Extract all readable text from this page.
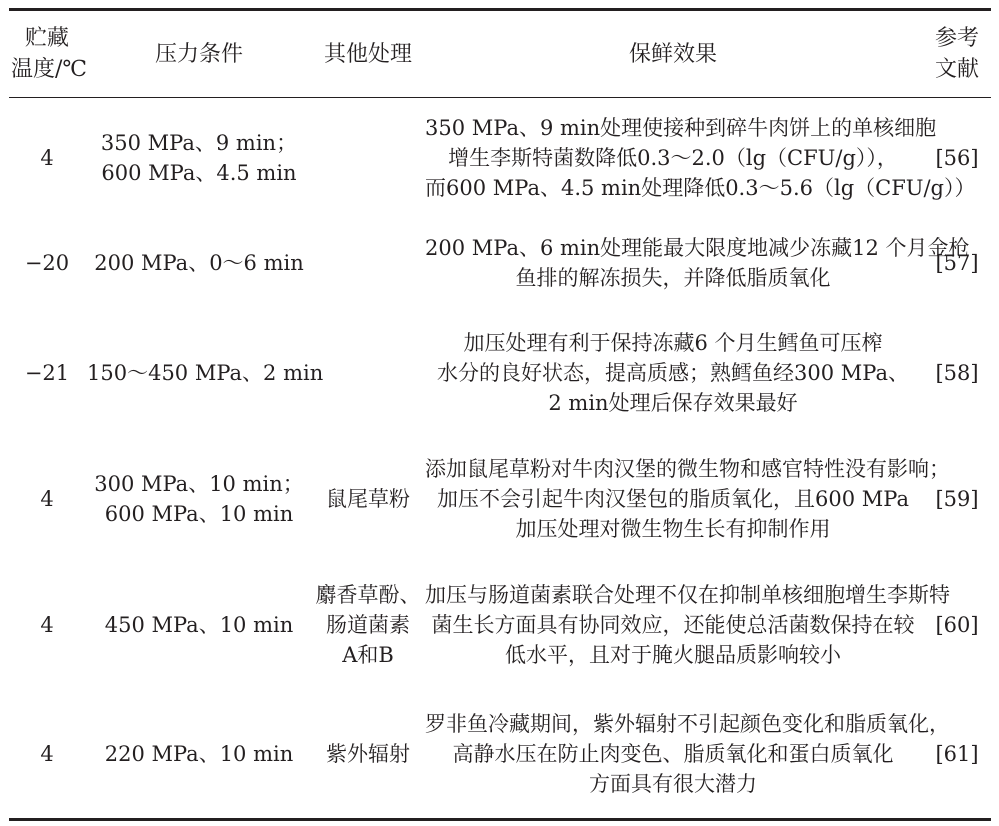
贮藏
温度/℃	压力条件	其他处理	保鲜效果	参考
文献

4	350 MPa、9 min；
600 MPa、4.5 min		350 MPa、9 min处理使接种到碎牛肉饼上的单核细胞
增生李斯特菌数降低0.3～2.0（lg（CFU/g）），
而600 MPa、4.5 min处理降低0.3～5.6（lg（CFU/g））	[56]
−20	200 MPa、0～6 min		200 MPa、6 min处理能最大限度地减少冻藏12 个月金枪
鱼排的解冻损失，并降低脂质氧化	[57]
−21	150～450 MPa、2 min		加压处理有利于保持冻藏6 个月生鳕鱼可压榨
水分的良好状态，提高质感；熟鳕鱼经300 MPa、
2 min处理后保存效果最好	[58]
4	300 MPa、10 min；
600 MPa、10 min	鼠尾草粉	添加鼠尾草粉对牛肉汉堡的微生物和感官特性没有影响；
加压不会引起牛肉汉堡包的脂质氧化，且600 MPa
加压处理对微生物生长有抑制作用	[59]
4	450 MPa、10 min	麝香草酚、
肠道菌素
A和B	加压与肠道菌素联合处理不仅在抑制单核细胞增生李斯特
菌生长方面具有协同效应，还能使总活菌数保持在较
低水平，且对于腌火腿品质影响较小	[60]
4	220 MPa、10 min	紫外辐射	罗非鱼冷藏期间，紫外辐射不引起颜色变化和脂质氧化，
高静水压在防止肉变色、脂质氧化和蛋白质氧化
方面具有很大潜力	[61]
